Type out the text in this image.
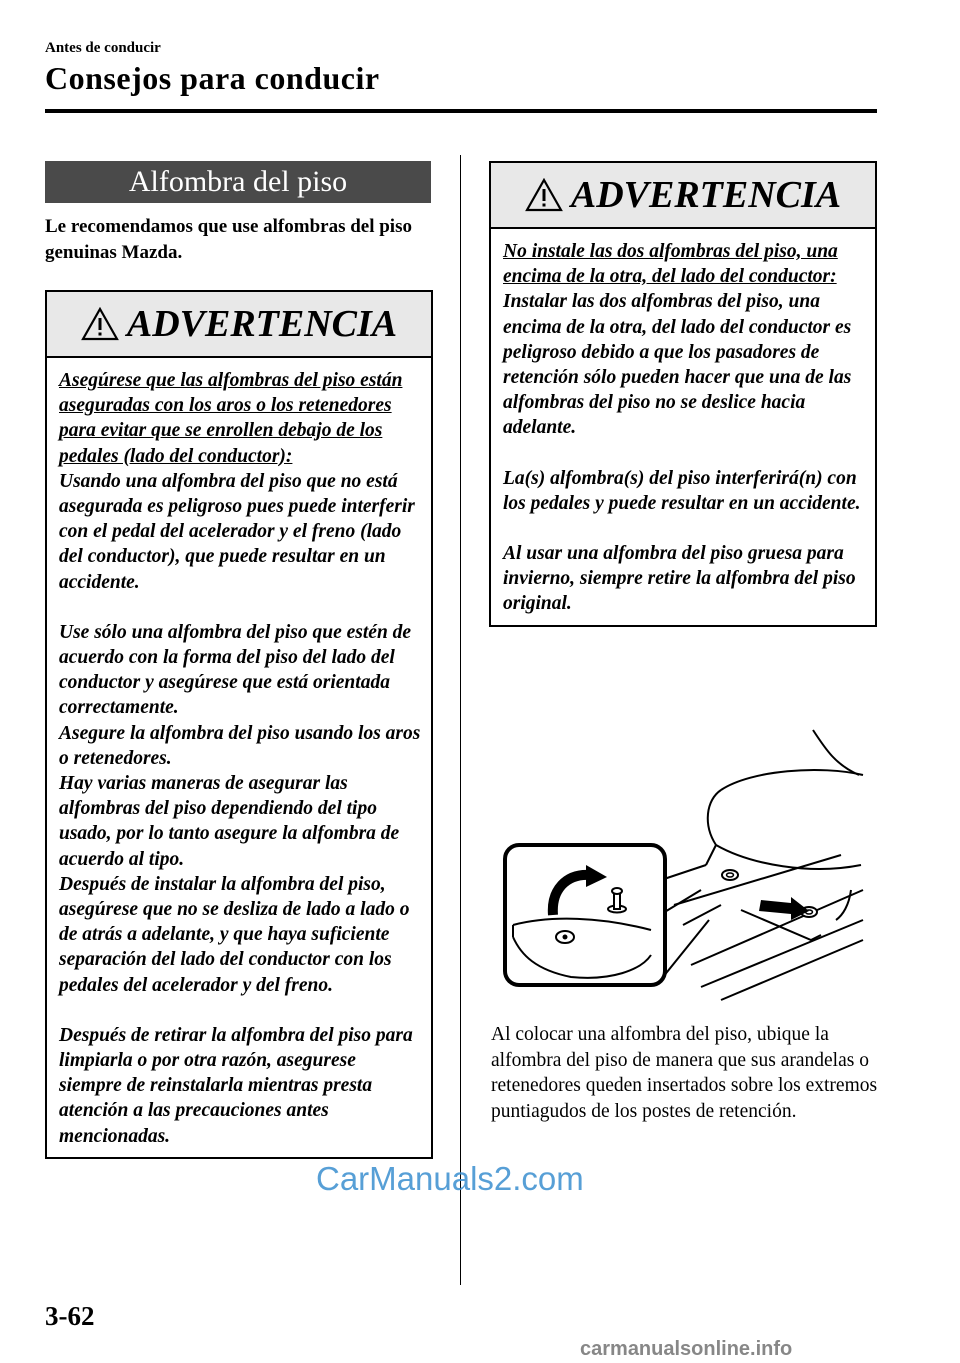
Antes de conducir
Consejos para conducir
Alfombra del piso
Le recomendamos que use alfombras del piso genuinas Mazda.
ADVERTENCIA

Asegúrese que las alfombras del piso están aseguradas con los aros o los retenedores para evitar que se enrollen debajo de los pedales (lado del conductor):

Usando una alfombra del piso que no está asegurada es peligroso pues puede interferir con el pedal del acelerador y el freno (lado del conductor), que puede resultar en un accidente.

Use sólo una alfombra del piso que estén de acuerdo con la forma del piso del lado del conductor y asegúrese que está orientada correctamente.

Asegure la alfombra del piso usando los aros o retenedores.

Hay varias maneras de asegurar las alfombras del piso dependiendo del tipo usado, por lo tanto asegure la alfombra de acuerdo al tipo.

Después de instalar la alfombra del piso, asegúrese que no se desliza de lado a lado o de atrás a adelante, y que haya suficiente separación del lado del conductor con los pedales del acelerador y del freno.

Después de retirar la alfombra del piso para limpiarla o por otra razón, asegurese siempre de reinstalarla mientras presta atención a las precauciones antes mencionadas.

ADVERTENCIA

No instale las dos alfombras del piso, una encima de la otra, del lado del conductor:

Instalar las dos alfombras del piso, una encima de la otra, del lado del conductor es peligroso debido a que los pasadores de retención sólo pueden hacer que una de las alfombras del piso no se deslice hacia adelante.

La(s) alfombra(s) del piso interferirá(n) con los pedales y puede resultar en un accidente.

Al usar una alfombra del piso gruesa para invierno, siempre retire la alfombra del piso original.

Al colocar una alfombra del piso, ubique la alfombra del piso de manera que sus arandelas o retenedores queden insertados sobre los extremos puntiagudos de los postes de retención.
3-62
CarManuals2.com
carmanualsonline.info
